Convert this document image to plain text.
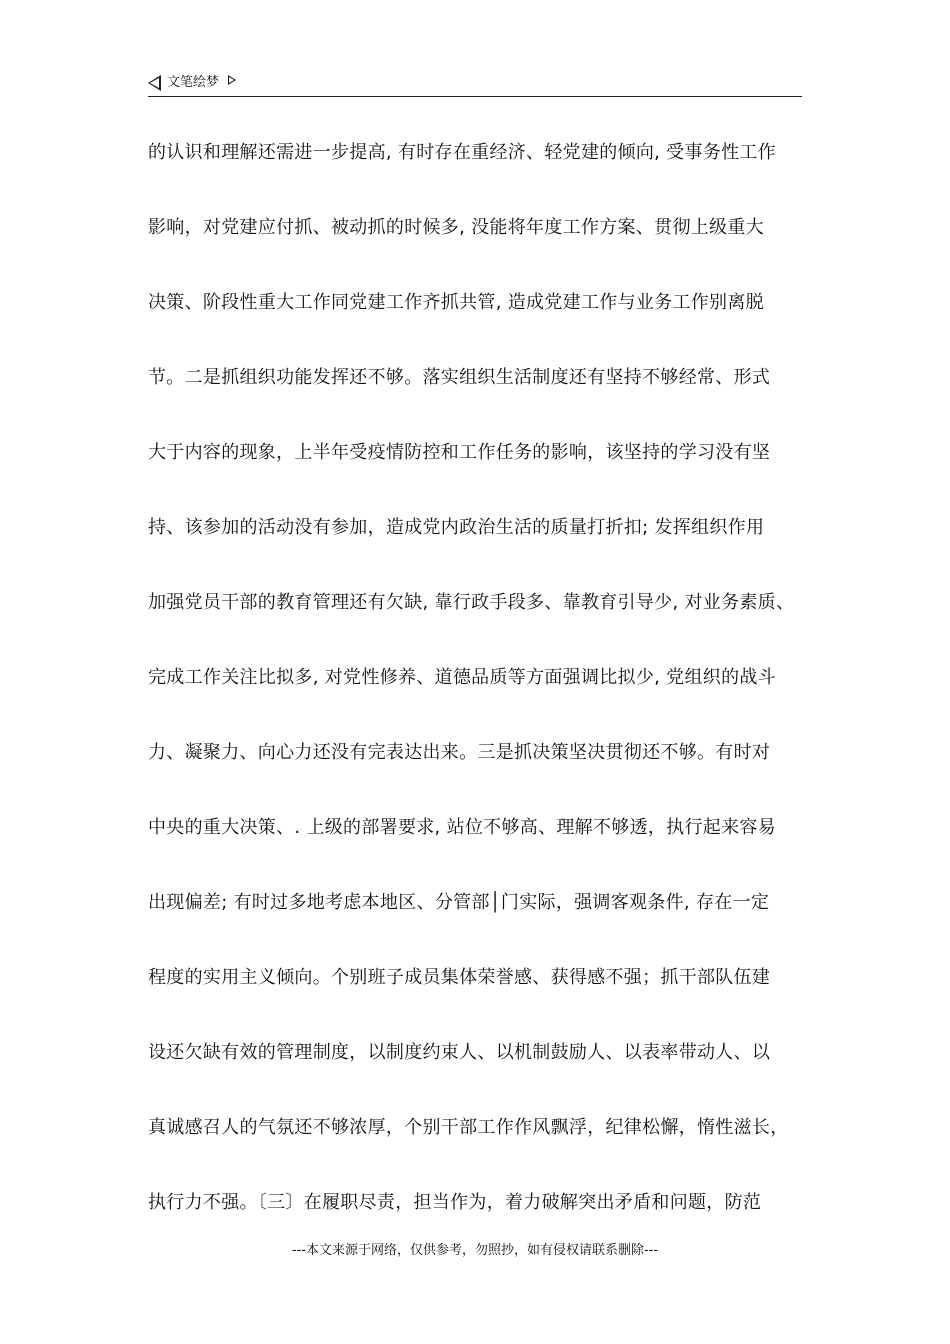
文笔绘梦
的认识和理解还需进一步提高, 有时存在重经济、轻党建的倾向, 受事务性工作
影响，对党建应付抓、被动抓的时候多, 没能将年度工作方案、贯彻上级重大
决策、阶段性重大工作同党建工作齐抓共管, 造成党建工作与业务工作别离脱
节。二是抓组织功能发挥还不够。落实组织生活制度还有坚持不够经常、形式
大于内容的现象，上半年受疫情防控和工作任务的影响，该坚持的学习没有坚
持、该参加的活动没有参加，造成党内政治生活的质量打折扣; 发挥组织作用
加强党员干部的教育管理还有欠缺, 靠行政手段多、靠教育引导少, 对业务素质、
完成工作关注比拟多, 对党性修养、道德品质等方面强调比拟少, 党组织的战斗
力、凝聚力、向心力还没有完表达出来。三是抓决策坚决贯彻还不够。有时对
中央的重大决策、. 上级的部署要求, 站位不够高、理解不够透，执行起来容易
出现偏差; 有时过多地考虑本地区、分管部│门实际，强调客观条件, 存在一定
程度的实用主义倾向。个别班子成员集体荣誉感、获得感不强；抓干部队伍建
设还欠缺有效的管理制度，以制度约束人、以机制鼓励人、以表率带动人、以
真诚感召人的气氛还不够浓厚，个别干部工作作风飘浮，纪律松懈，惰性滋长，
执行力不强。〔三〕在履职尽责，担当作为，着力破解突出矛盾和问题，防范
---本文来源于网络，仅供参考，勿照抄，如有侵权请联系删除---
